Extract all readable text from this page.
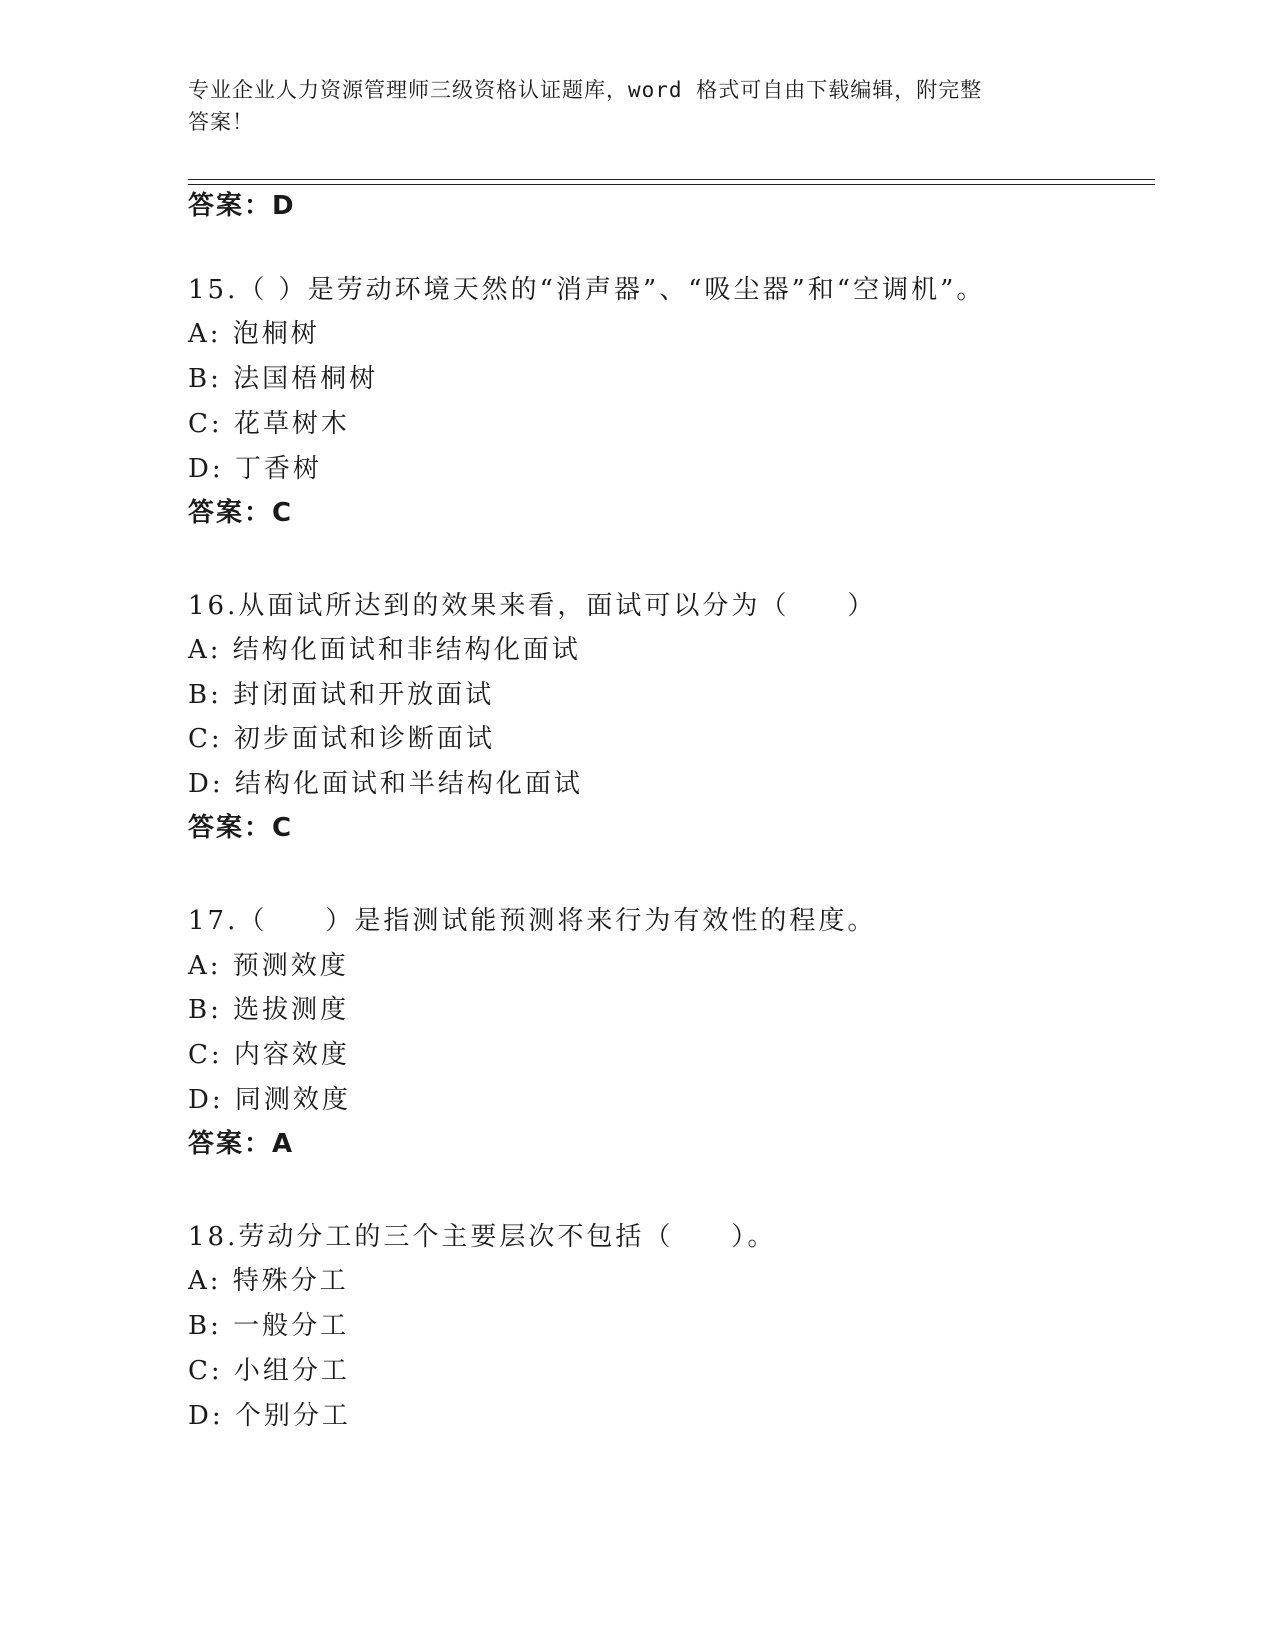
专业企业人力资源管理师三级资格认证题库，word 格式可自由下载编辑，附完整
答案！
答案：D
15.（ ）是劳动环境天然的“消声器”、“吸尘器”和“空调机”。
A: 泡桐树
B: 法国梧桐树
C: 花草树木
D: 丁香树
答案：C
16.从面试所达到的效果来看，面试可以分为（　　）
A: 结构化面试和非结构化面试
B: 封闭面试和开放面试
C: 初步面试和诊断面试
D: 结构化面试和半结构化面试
答案：C
17.（　　）是指测试能预测将来行为有效性的程度。
A: 预测效度
B: 选拔测度
C: 内容效度
D: 同测效度
答案：A
18.劳动分工的三个主要层次不包括（　　）。
A: 特殊分工
B: 一般分工
C: 小组分工
D: 个别分工
